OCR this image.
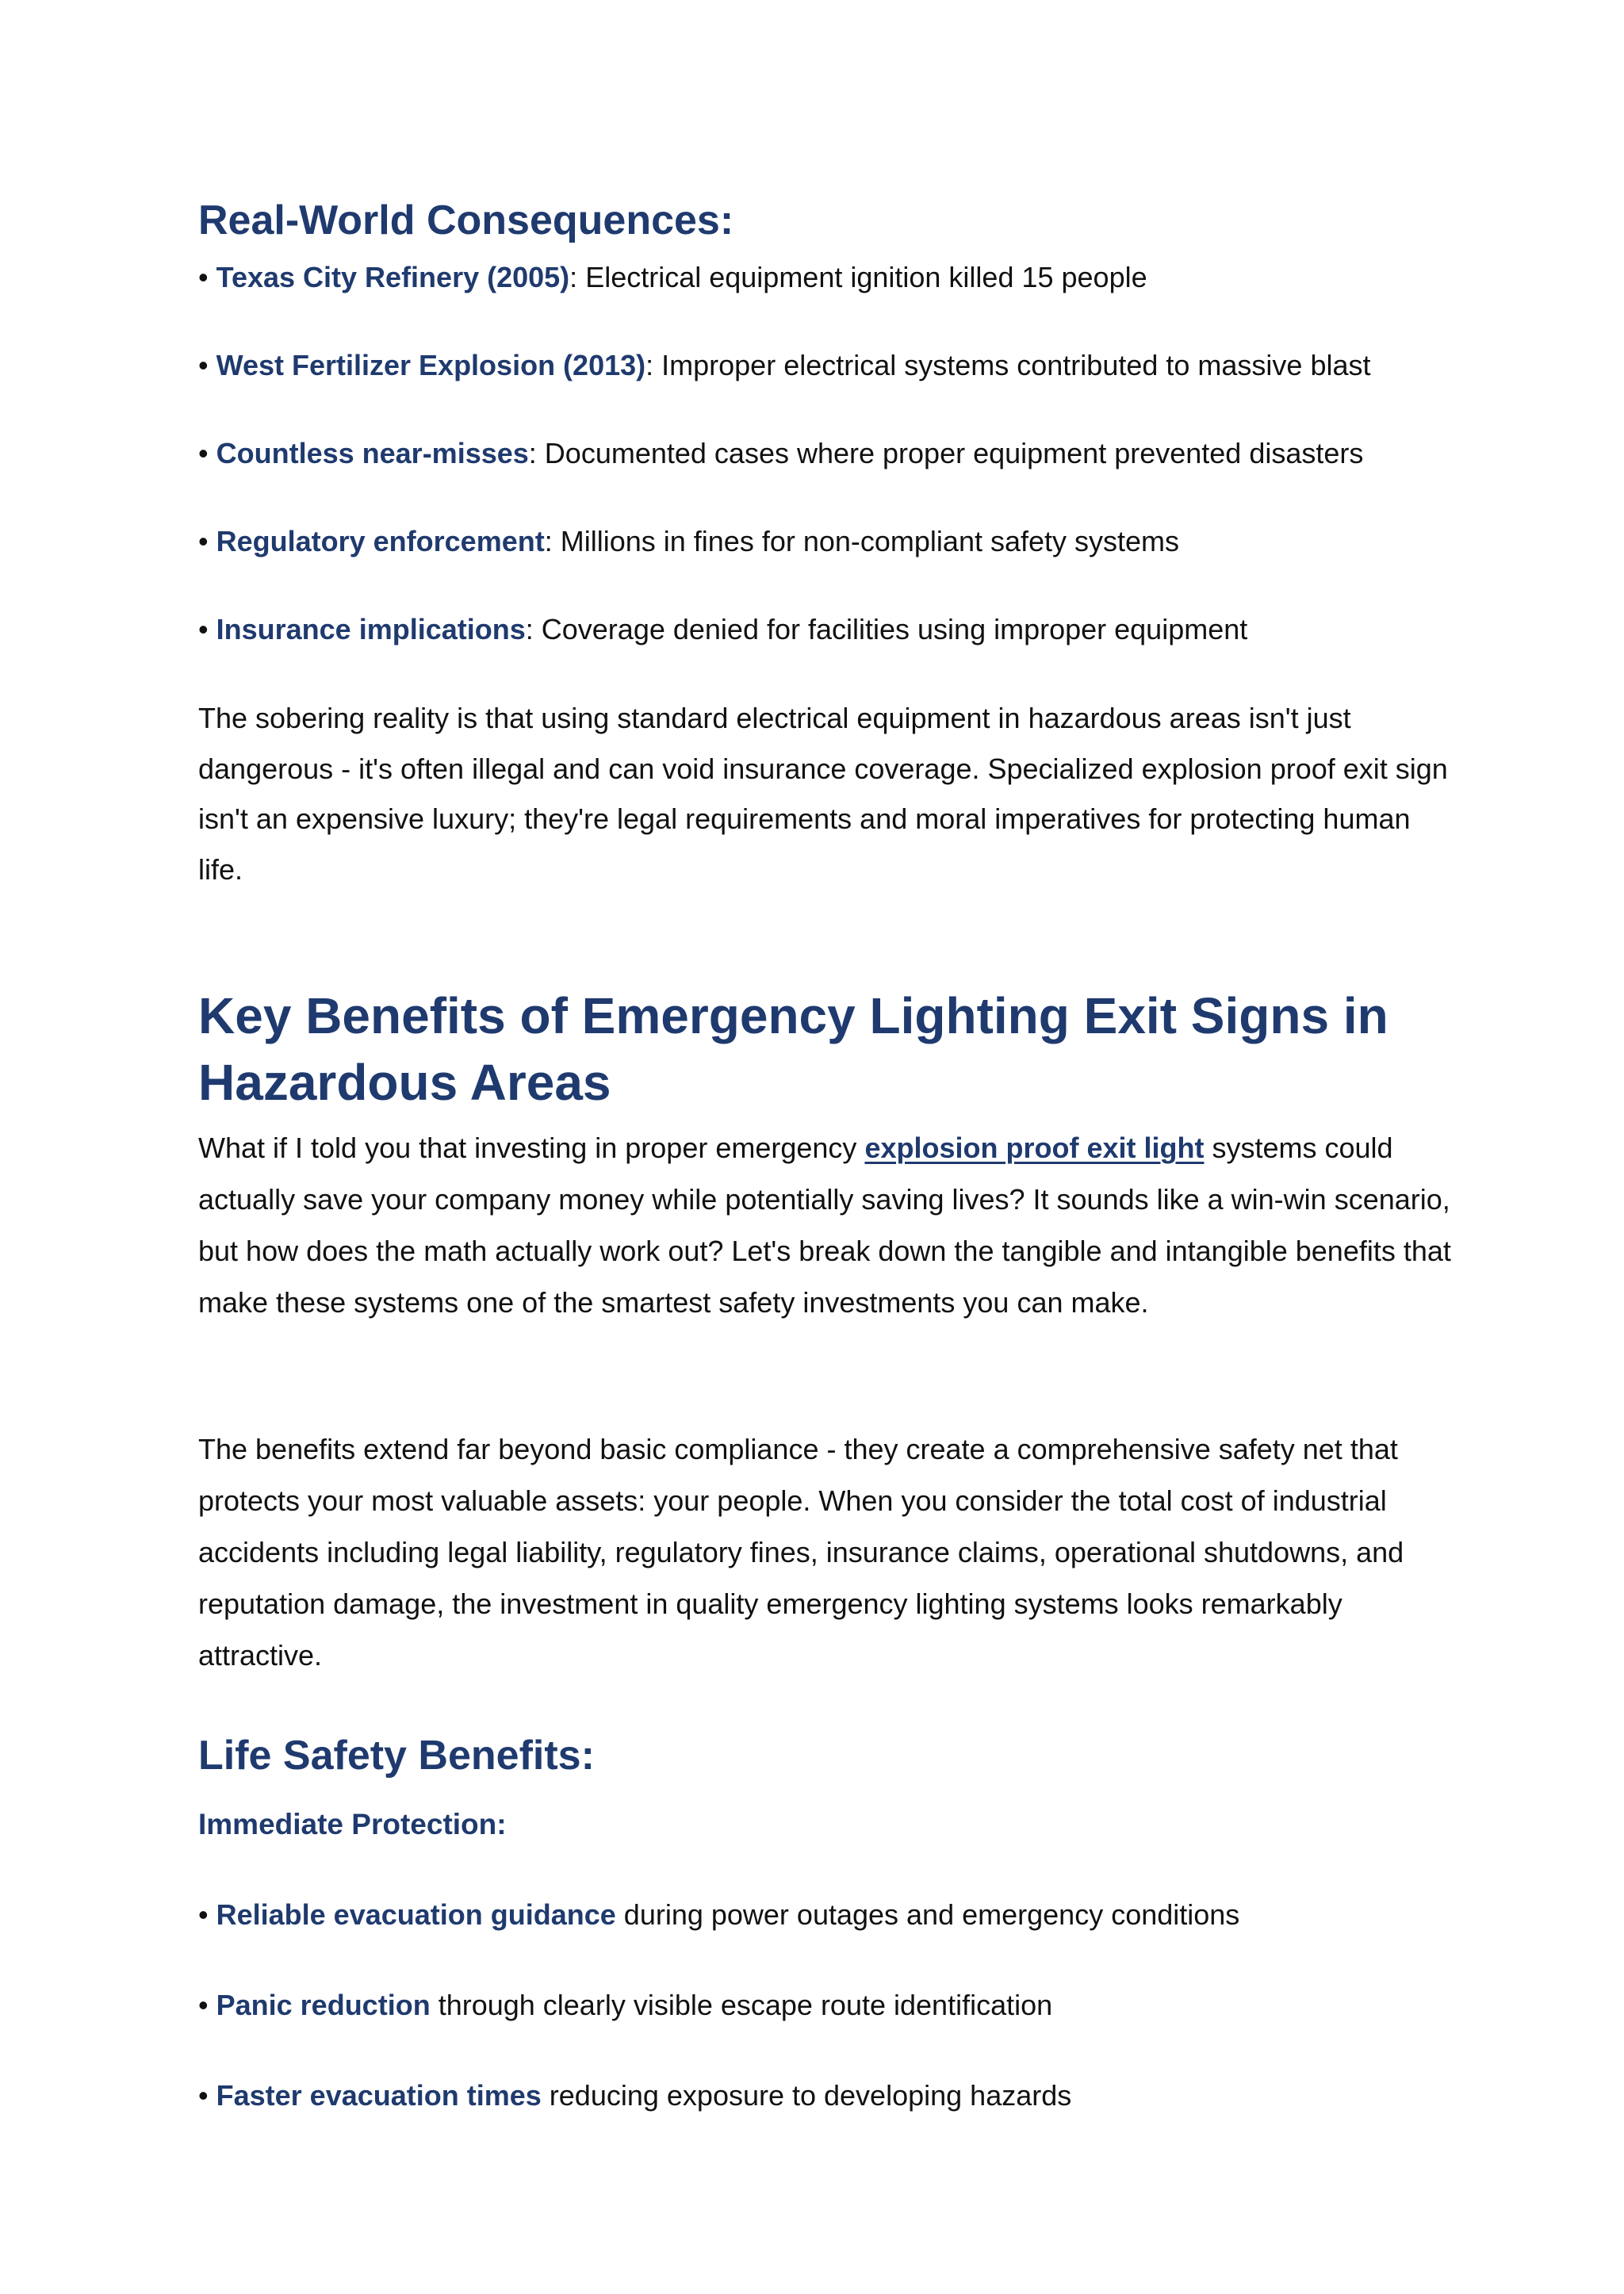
Real-World Consequences:

• Texas City Refinery (2005): Electrical equipment ignition killed 15 people

• West Fertilizer Explosion (2013): Improper electrical systems contributed to massive blast

• Countless near-misses: Documented cases where proper equipment prevented disasters

• Regulatory enforcement: Millions in fines for non-compliant safety systems

• Insurance implications: Coverage denied for facilities using improper equipment

The sobering reality is that using standard electrical equipment in hazardous areas isn't just dangerous - it's often illegal and can void insurance coverage. Specialized explosion proof exit sign isn't an expensive luxury; they're legal requirements and moral imperatives for protecting human life.

Key Benefits of Emergency Lighting Exit Signs in Hazardous Areas

What if I told you that investing in proper emergency explosion proof exit light systems could actually save your company money while potentially saving lives? It sounds like a win-win scenario, but how does the math actually work out? Let's break down the tangible and intangible benefits that make these systems one of the smartest safety investments you can make.

The benefits extend far beyond basic compliance - they create a comprehensive safety net that protects your most valuable assets: your people. When you consider the total cost of industrial accidents including legal liability, regulatory fines, insurance claims, operational shutdowns, and reputation damage, the investment in quality emergency lighting systems looks remarkably attractive.

Life Safety Benefits:
Immediate Protection:

• Reliable evacuation guidance during power outages and emergency conditions

• Panic reduction through clearly visible escape route identification

• Faster evacuation times reducing exposure to developing hazards
